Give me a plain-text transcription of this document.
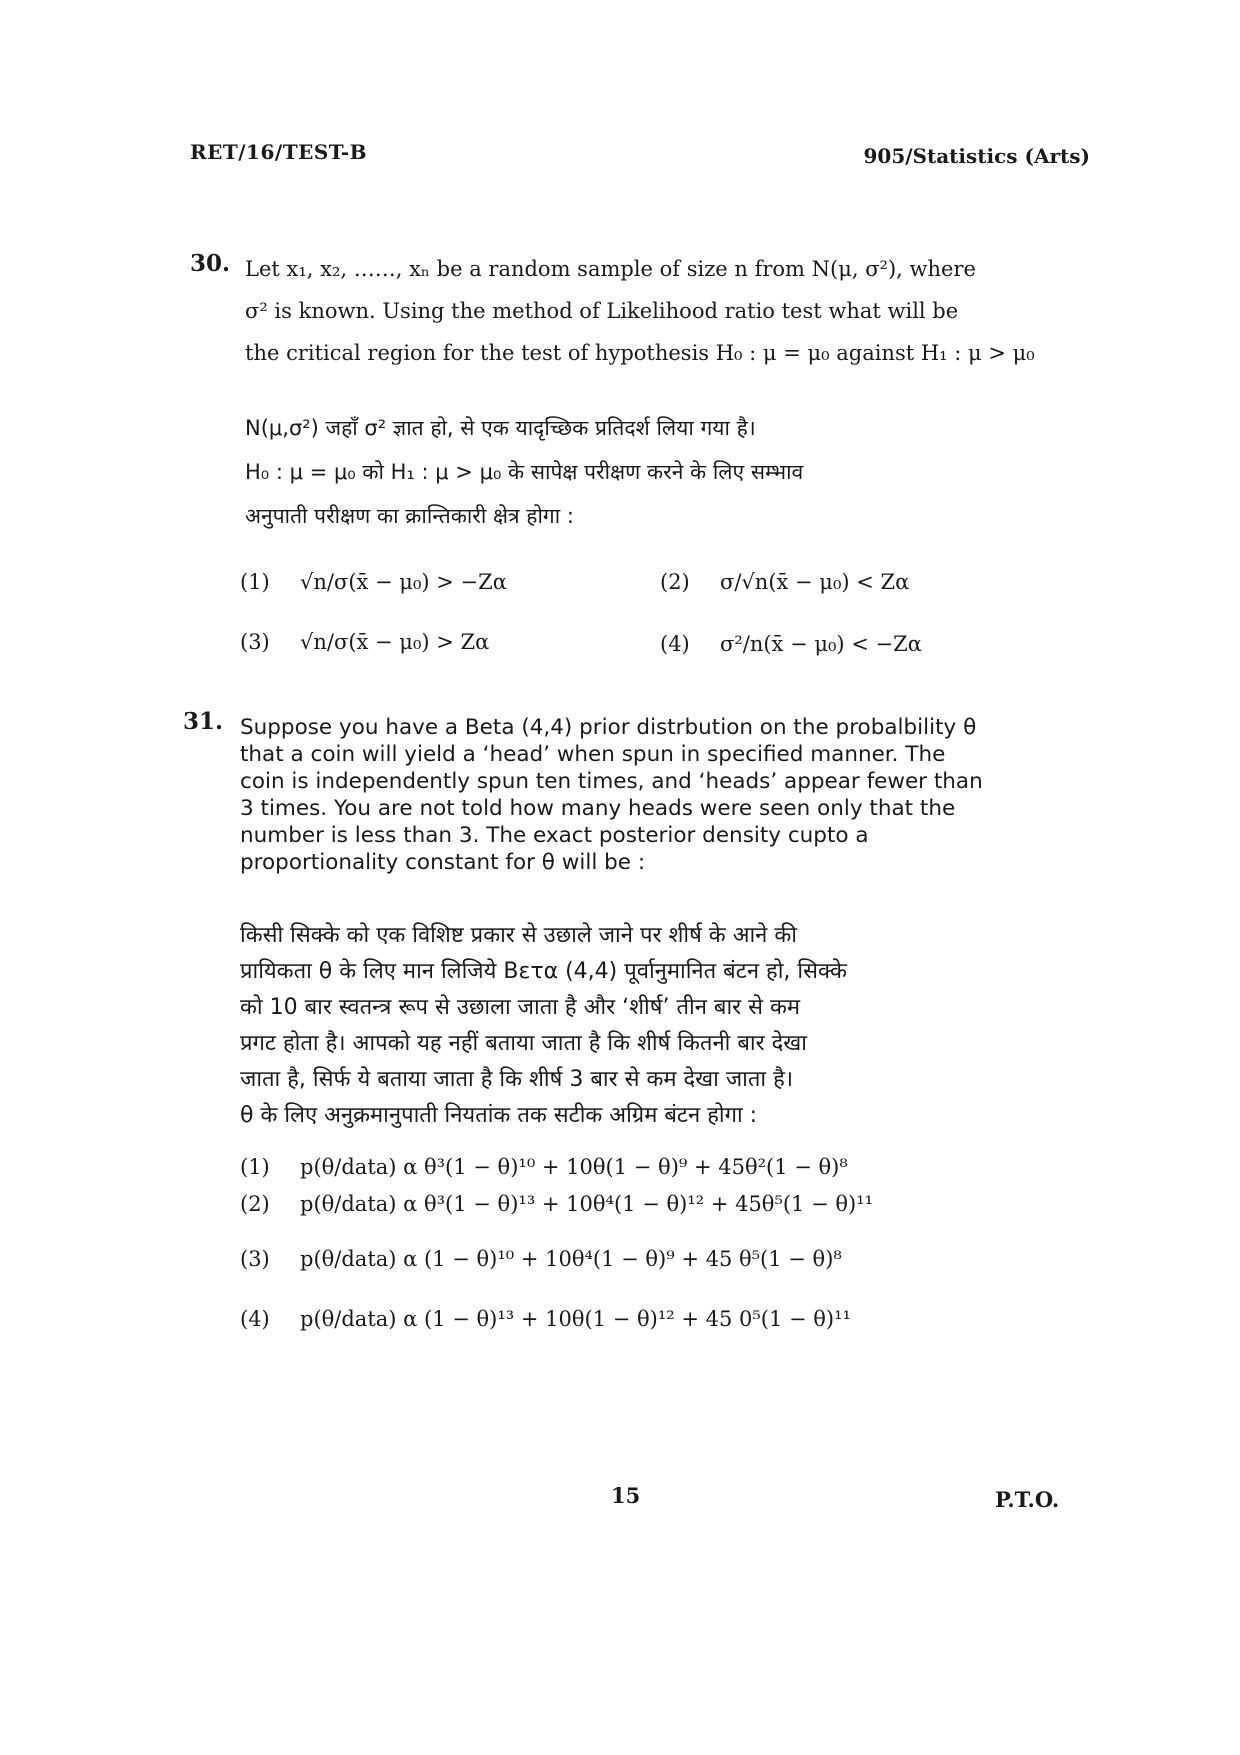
RET/16/TEST-B	905/Statistics (Arts)
30. Let x₁, x₂, ……, xₙ be a random sample of size n from N(μ, σ²), where
σ² is known. Using the method of Likelihood ratio test what will be
the critical region for the test of hypothesis H₀ : μ = μ₀ against H₁ : μ > μ₀
N(μ,σ²) जहाँ σ² ज्ञात हो, से एक यादृच्छिक प्रतिदर्श लिया गया है।
H₀ : μ = μ₀ को H₁ : μ > μ₀ के सापेक्ष परीक्षण करने के लिए सम्भाव
अनुपाती परीक्षण का क्रान्तिकारी क्षेत्र होगा :
(1) √n/σ(x̄ − μ₀) > −Zα	(2) σ/√n(x̄ − μ₀) < Zα
(3) √n/σ(x̄ − μ₀) > Zα	(4) σ²/n(x̄ − μ₀) < −Zα
31. Suppose you have a Beta (4,4) prior distrbution on the probalbility θ
that a coin will yield a ‘head’ when spun in specified manner. The
coin is independently spun ten times, and ‘heads’ appear fewer than
3 times. You are not told how many heads were seen only that the
number is less than 3. The exact posterior density cupto a
proportionality constant for θ will be :
किसी सिक्के को एक विशिष्ट प्रकार से उछाले जाने पर शीर्ष के आने की
प्रायिकता θ के लिए मान लिजिये Bετα (4,4) पूर्वानुमानित बंटन हो, सिक्के
को 10 बार स्वतन्त्र रूप से उछाला जाता है और ‘शीर्ष’ तीन बार से कम
प्रगट होता है। आपको यह नहीं बताया जाता है कि शीर्ष कितनी बार देखा
जाता है, सिर्फ ये बताया जाता है कि शीर्ष 3 बार से कम देखा जाता है।
θ के लिए अनुक्रमानुपाती नियतांक तक सटीक अग्रिम बंटन होगा :
(1) p(θ/data) α θ³(1 − θ)¹⁰ + 10θ(1 − θ)⁹ + 45θ²(1 − θ)⁸
(2) p(θ/data) α θ³(1 − θ)¹³ + 10θ⁴(1 − θ)¹² + 45θ⁵(1 − θ)¹¹
(3) p(θ/data) α (1 − θ)¹⁰ + 10θ⁴(1 − θ)⁹ + 45 θ⁵(1 − θ)⁸
(4) p(θ/data) α (1 − θ)¹³ + 10θ(1 − θ)¹² + 45 0⁵(1 − θ)¹¹
15	P.T.O.
